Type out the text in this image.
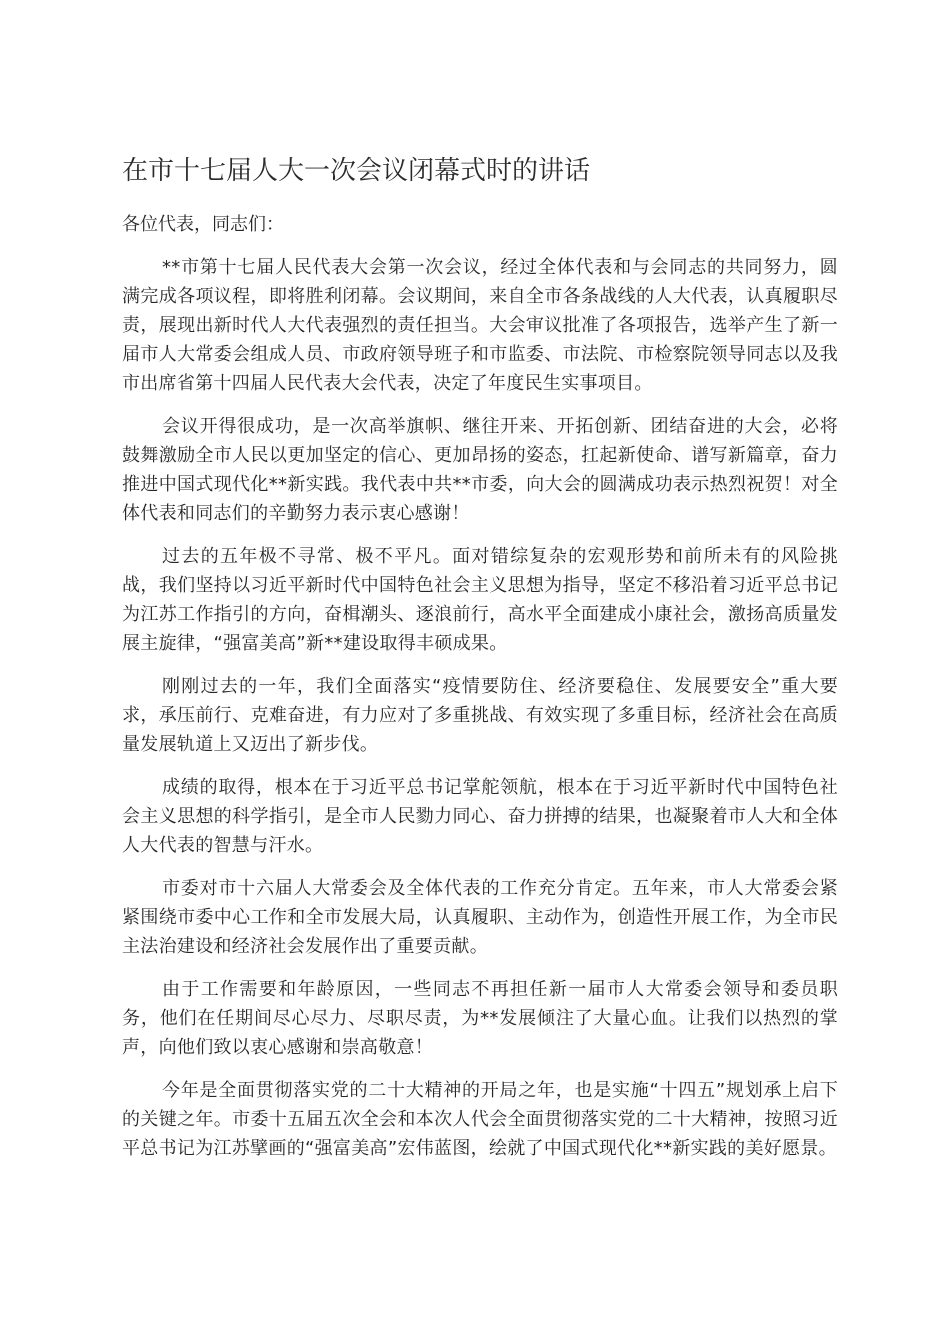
在市十七届人大一次会议闭幕式时的讲话

各位代表，同志们：

**市第十七届人民代表大会第一次会议，经过全体代表和与会同志的共同努力，圆满完成各项议程，即将胜利闭幕。会议期间，来自全市各条战线的人大代表，认真履职尽责，展现出新时代人大代表强烈的责任担当。大会审议批准了各项报告，选举产生了新一届市人大常委会组成人员、市政府领导班子和市监委、市法院、市检察院领导同志以及我市出席省第十四届人民代表大会代表，决定了年度民生实事项目。

会议开得很成功，是一次高举旗帜、继往开来、开拓创新、团结奋进的大会，必将鼓舞激励全市人民以更加坚定的信心、更加昂扬的姿态，扛起新使命、谱写新篇章，奋力推进中国式现代化**新实践。我代表中共**市委，向大会的圆满成功表示热烈祝贺！对全体代表和同志们的辛勤努力表示衷心感谢！

过去的五年极不寻常、极不平凡。面对错综复杂的宏观形势和前所未有的风险挑战，我们坚持以习近平新时代中国特色社会主义思想为指导，坚定不移沿着习近平总书记为江苏工作指引的方向，奋楫潮头、逐浪前行，高水平全面建成小康社会，激扬高质量发展主旋律，“强富美高”新**建设取得丰硕成果。

刚刚过去的一年，我们全面落实“疫情要防住、经济要稳住、发展要安全”重大要求，承压前行、克难奋进，有力应对了多重挑战、有效实现了多重目标，经济社会在高质量发展轨道上又迈出了新步伐。

成绩的取得，根本在于习近平总书记掌舵领航，根本在于习近平新时代中国特色社会主义思想的科学指引，是全市人民勠力同心、奋力拼搏的结果，也凝聚着市人大和全体人大代表的智慧与汗水。

市委对市十六届人大常委会及全体代表的工作充分肯定。五年来，市人大常委会紧紧围绕市委中心工作和全市发展大局，认真履职、主动作为，创造性开展工作，为全市民主法治建设和经济社会发展作出了重要贡献。

由于工作需要和年龄原因，一些同志不再担任新一届市人大常委会领导和委员职务，他们在任期间尽心尽力、尽职尽责，为**发展倾注了大量心血。让我们以热烈的掌声，向他们致以衷心感谢和崇高敬意！

今年是全面贯彻落实党的二十大精神的开局之年，也是实施“十四五”规划承上启下的关键之年。市委十五届五次全会和本次人代会全面贯彻落实党的二十大精神，按照习近平总书记为江苏擘画的“强富美高”宏伟蓝图，绘就了中国式现代化**新实践的美好愿景。
